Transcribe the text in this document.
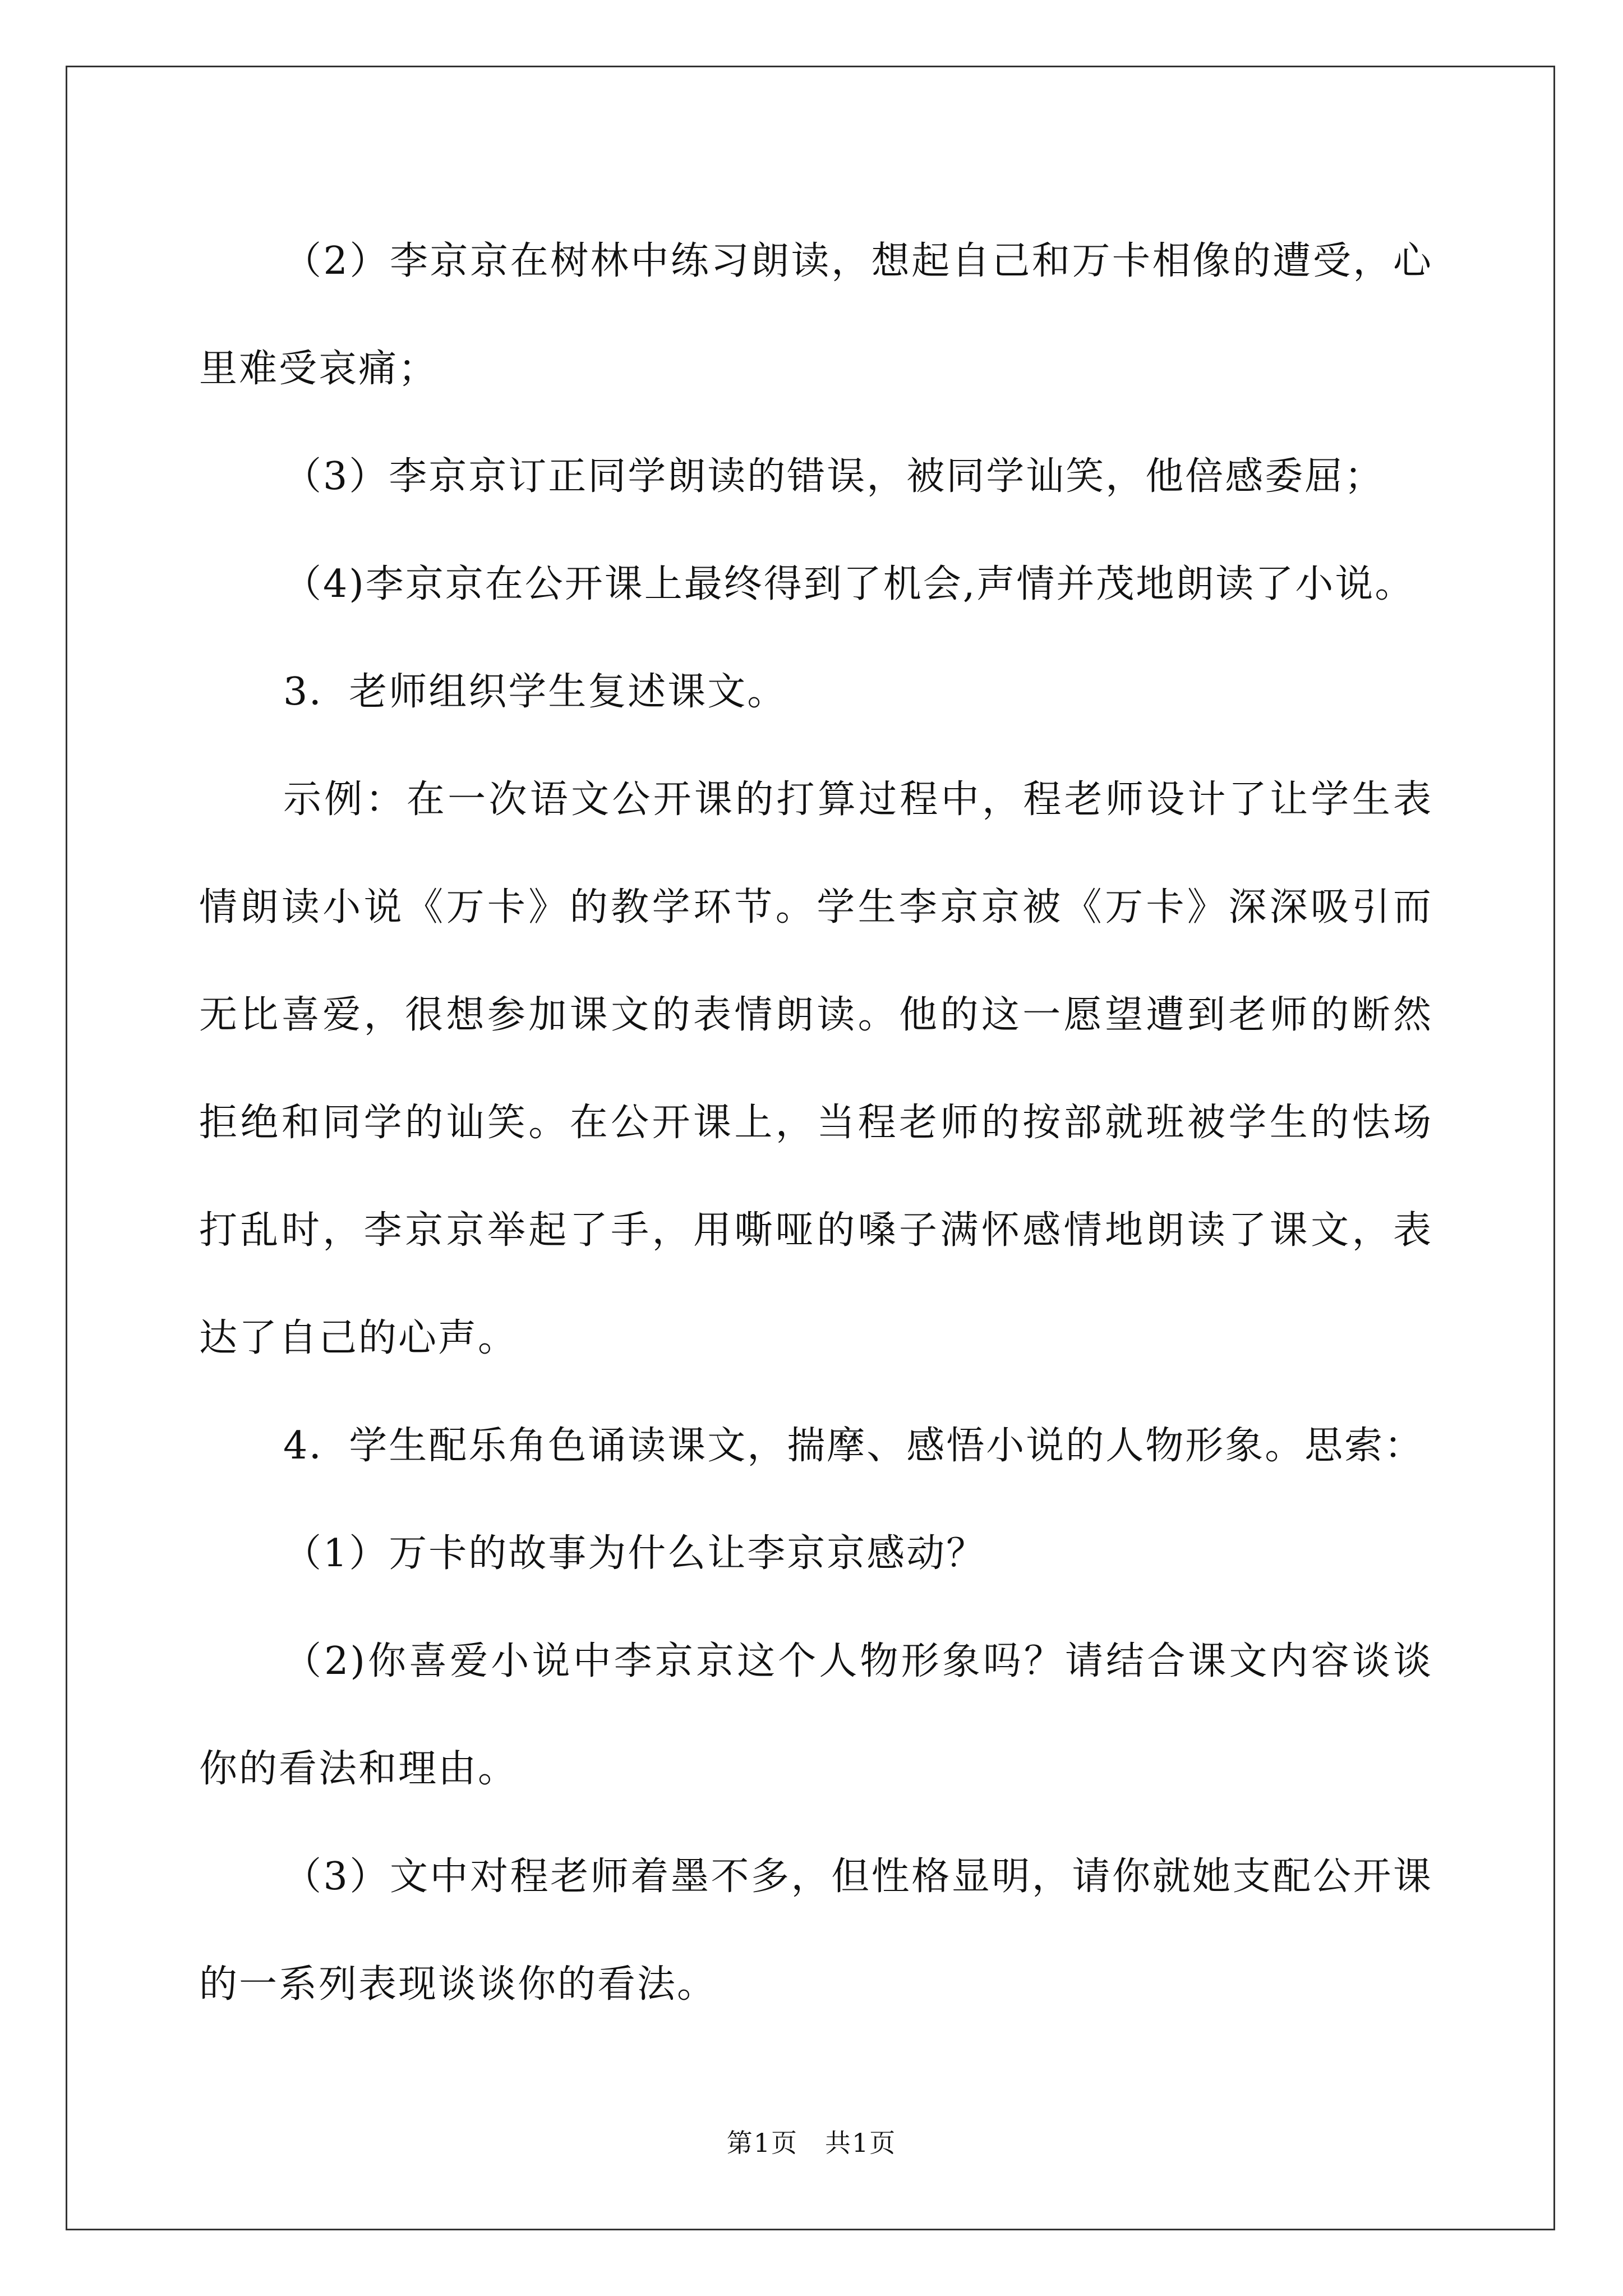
（2）李京京在树林中练习朗读，想起自己和万卡相像的遭受，心里难受哀痛；

（3）李京京订正同学朗读的错误，被同学讪笑，他倍感委屈；

（4)李京京在公开课上最终得到了机会,声情并茂地朗读了小说。

3．老师组织学生复述课文。

示例：在一次语文公开课的打算过程中，程老师设计了让学生表情朗读小说《万卡》的教学环节。学生李京京被《万卡》深深吸引而无比喜爱，很想参加课文的表情朗读。他的这一愿望遭到老师的断然拒绝和同学的讪笑。在公开课上，当程老师的按部就班被学生的怯场打乱时，李京京举起了手，用嘶哑的嗓子满怀感情地朗读了课文，表达了自己的心声。

4．学生配乐角色诵读课文，揣摩、感悟小说的人物形象。思索：

（1）万卡的故事为什么让李京京感动？

（2)你喜爱小说中李京京这个人物形象吗？请结合课文内容谈谈你的看法和理由。

（3）文中对程老师着墨不多，但性格显明，请你就她支配公开课的一系列表现谈谈你的看法。

第1页　共1页
